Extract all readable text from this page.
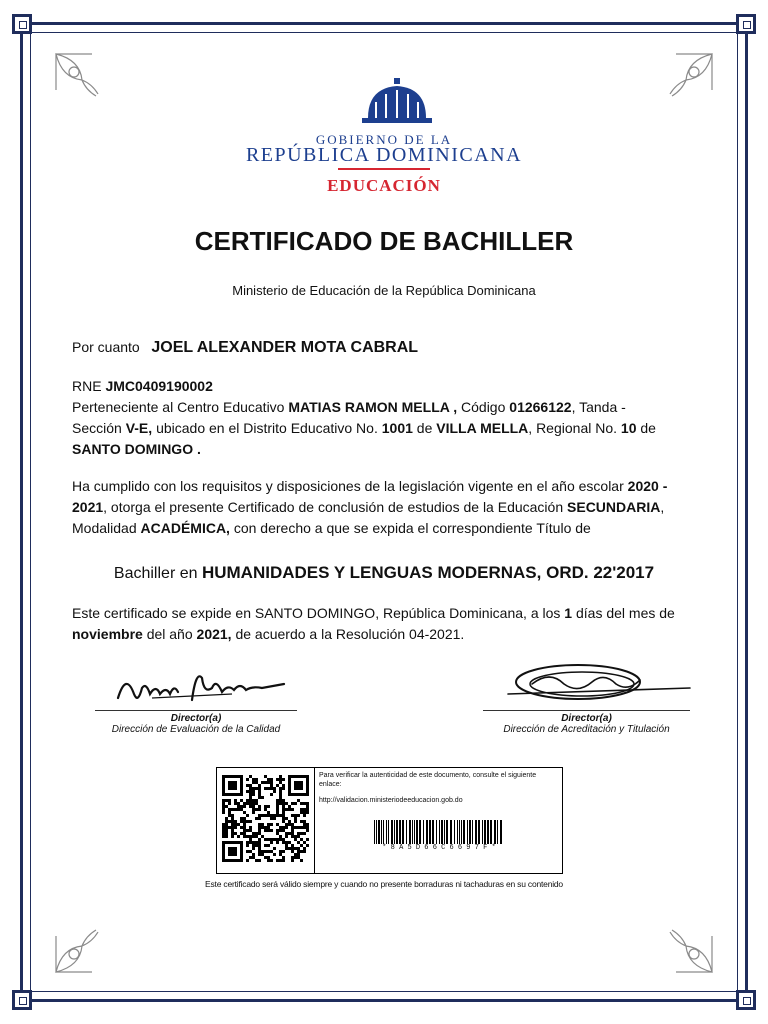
GOBIERNO DE LA
REPÚBLICA DOMINICANA
EDUCACIÓN
CERTIFICADO DE BACHILLER
Ministerio de Educación de la República Dominicana
Por cuanto JOEL ALEXANDER MOTA CABRAL
RNE JMC0409190002
Perteneciente al Centro Educativo MATIAS RAMON MELLA , Código 01266122, Tanda -
Sección V-E, ubicado en el Distrito Educativo No. 1001 de VILLA MELLA, Regional No. 10 de
SANTO DOMINGO .
Ha cumplido con los requisitos y disposiciones de la legislación vigente en el año escolar 2020 -
2021, otorga el presente Certificado de conclusión de estudios de la Educación SECUNDARIA,
Modalidad ACADÉMICA, con derecho a que se expida el correspondiente Título de
Bachiller en HUMANIDADES Y LENGUAS MODERNAS, ORD. 22'2017
Este certificado se expide en SANTO DOMINGO, República Dominicana, a los 1 días del mes de
noviembre del año 2021, de acuerdo a la Resolución 04-2021.
Director(a)
Dirección de Evaluación de la Calidad
Director(a)
Dirección de Acreditación y Titulación
Para verificar la autenticidad de este documento, consulte el siguiente enlace:
http://validacion.ministeriodeeducacion.gob.do
* 8 A 5 D 6 6 C 6 6 9 7 F *
Este certificado será válido siempre y cuando no presente borraduras ni tachaduras en su contenido
